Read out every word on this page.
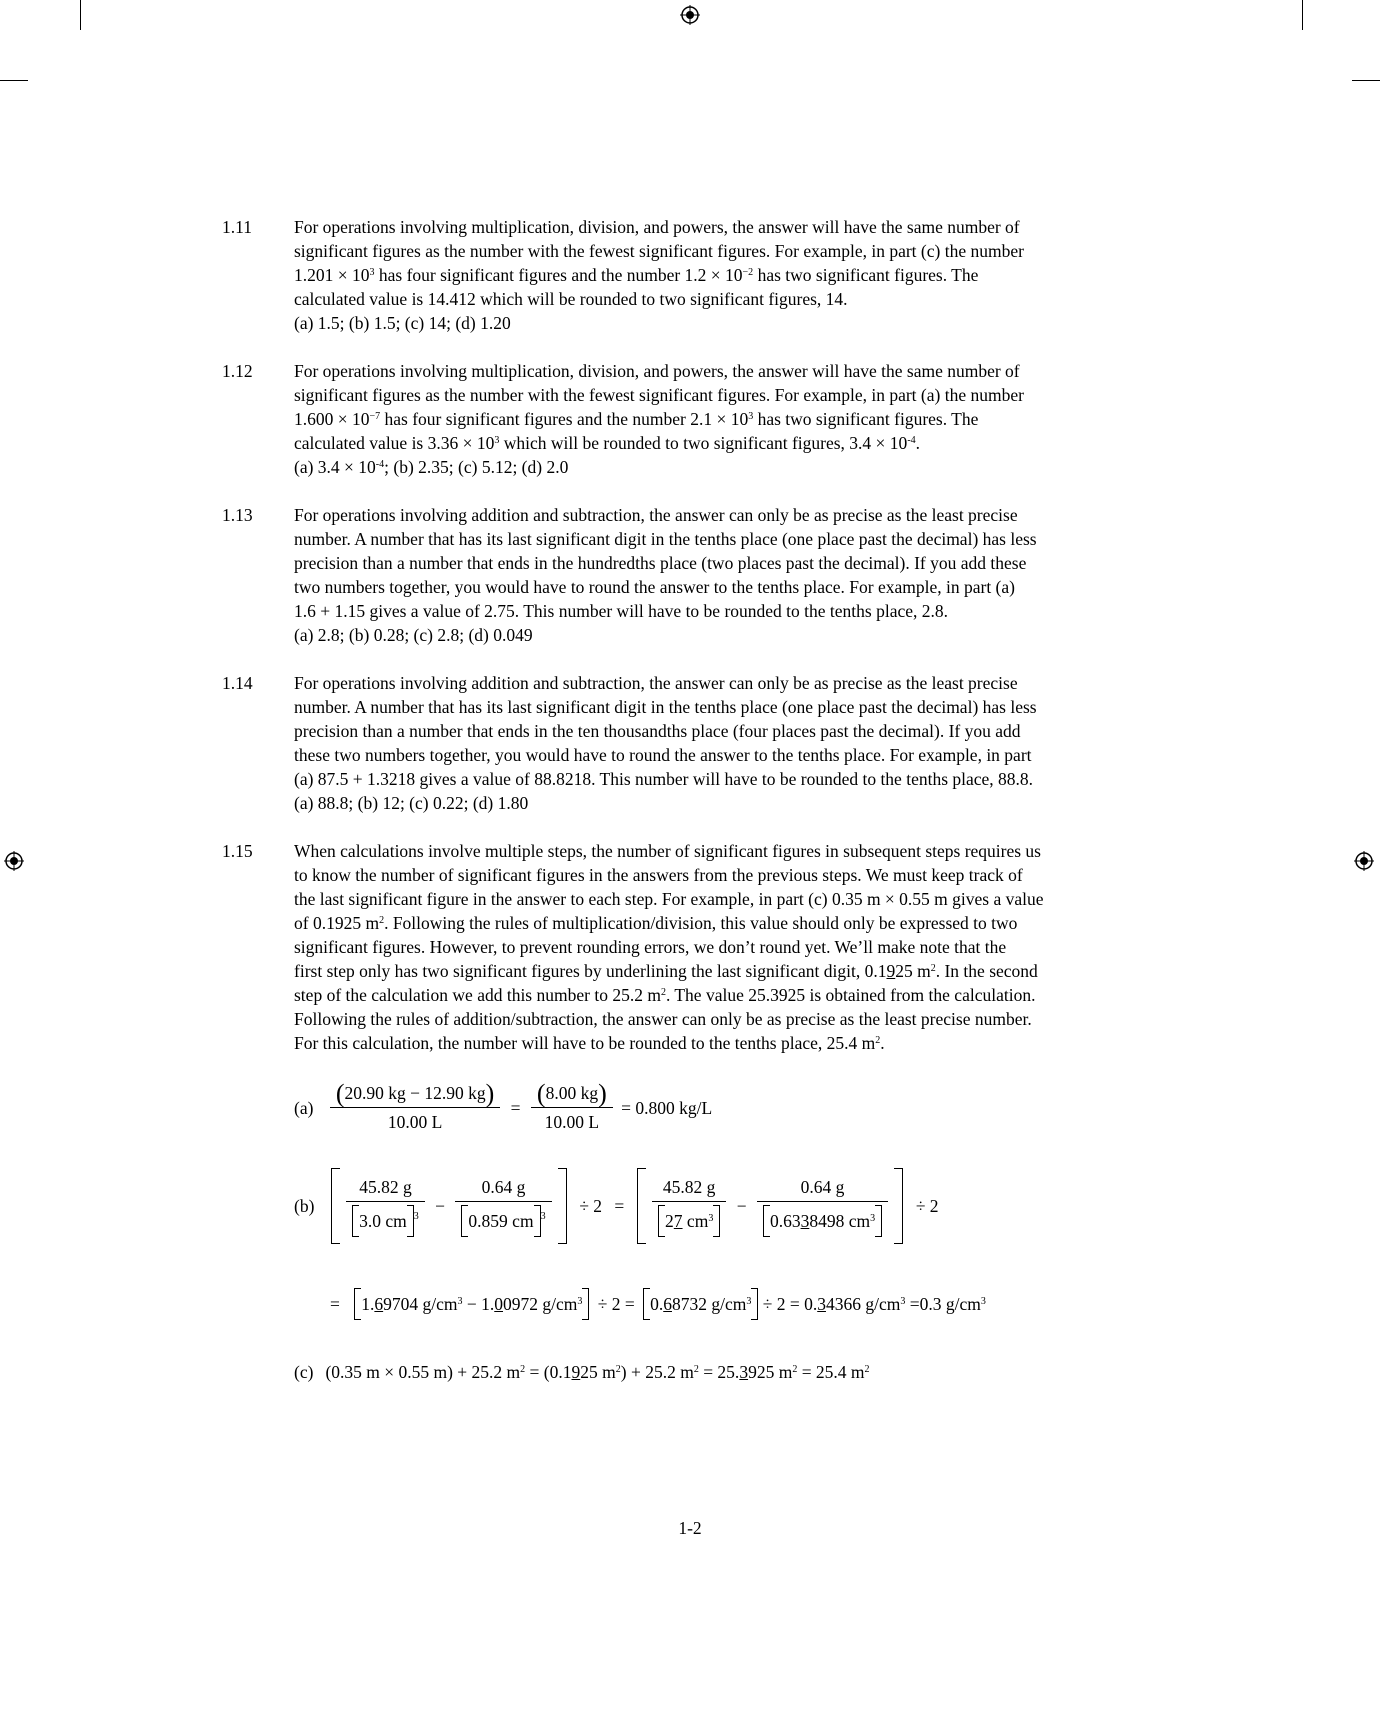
1.11	For operations involving multiplication, division, and powers, the answer will have the same number of

significant figures as the number with the fewest significant figures. For example, in part (c) the number

$1.201 \times 10^3$ has four significant figures and the number $1.2 \times 10^{-2}$ has two significant figures. The

calculated value is 14.412 which will be rounded to two significant figures, 14.

(a) 1.5; (b) 1.5; (c) 14; (d) 1.20

1.12	For operations involving multiplication, division, and powers, the answer will have the same number of

significant figures as the number with the fewest significant figures. For example, in part (a) the number

$1.600 \times 10^{-7}$ has four significant figures and the number $2.1 \times 10^3$ has two significant figures. The

calculated value is $3.36 \times 10^3$ which will be rounded to two significant figures, $3.4 \times 10^{-4}$.

(a) $3.4 \times 10^{-4}$; (b) 2.35; (c) 5.12; (d) 2.0

1.13	For operations involving addition and subtraction, the answer can only be as precise as the least precise

number. A number that has its last significant digit in the tenths place (one place past the decimal) has less

precision than a number that ends in the hundredths place (two places past the decimal). If you add these

two numbers together, you would have to round the answer to the tenths place. For example, in part (a)

1.6 + 1.15 gives a value of 2.75. This number will have to be rounded to the tenths place, 2.8.

(a) 2.8; (b) 0.28; (c) 2.8; (d) 0.049

1.14	For operations involving addition and subtraction, the answer can only be as precise as the least precise

number. A number that has its last significant digit in the tenths place (one place past the decimal) has less

precision than a number that ends in the ten thousandths place (four places past the decimal). If you add

these two numbers together, you would have to round the answer to the tenths place. For example, in part

(a) 87.5 + 1.3218 gives a value of 88.8218. This number will have to be rounded to the tenths place, 88.8.

(a) 88.8; (b) 12; (c) 0.22; (d) 1.80

1.15	When calculations involve multiple steps, the number of significant figures in subsequent steps requires us

to know the number of significant figures in the answers from the previous steps. We must keep track of

the last significant figure in the answer to each step. For example, in part (c) 0.35 m × 0.55 m gives a value

of 0.1925 $m^2$. Following the rules of multiplication/division, this value should only be expressed to two

significant figures. However, to prevent rounding errors, we don’t round yet. We’ll make note that the

first step only has two significant figures by underlining the last significant digit, 0.1925 $m^2$. In the second

step of the calculation we add this number to 25.2 $m^2$. The value 25.3925 is obtained from the calculation.

Following the rules of addition/subtraction, the answer can only be as precise as the least precise number.

For this calculation, the number will have to be rounded to the tenths place, 25.4 $m^2$.

$(a) \frac{(20.90 kg - 12.90 kg)}{10.00 L} = \frac{(8.00 kg)}{10.00 L} = 0.800$ kg/L
$(b) \frac{45.82 g}{3.0 cm ^3} - \frac{0.64 g}{0.859 cm ^3} \div 2 = \frac{45.82 g}{27 cm^3} - \frac{0.64 g}{0.6338498 cm^3} \div 2$
= 1.69704 $g/cm^3 - 1.00972$ $g/cm^3 \div 2 = 0.68732$ $g/cm^3 \div 2 = 0.34366$ $g/cm^3 =0.3$ $g/cm^3$
(c) (0.35 m × 0.55 m) + 25.2 $m^2 = (0.1925$ $m^2) + 25.2$ $m^2 = 25.3925$ $m^2 = 25.4$ $m^2$
1-2
